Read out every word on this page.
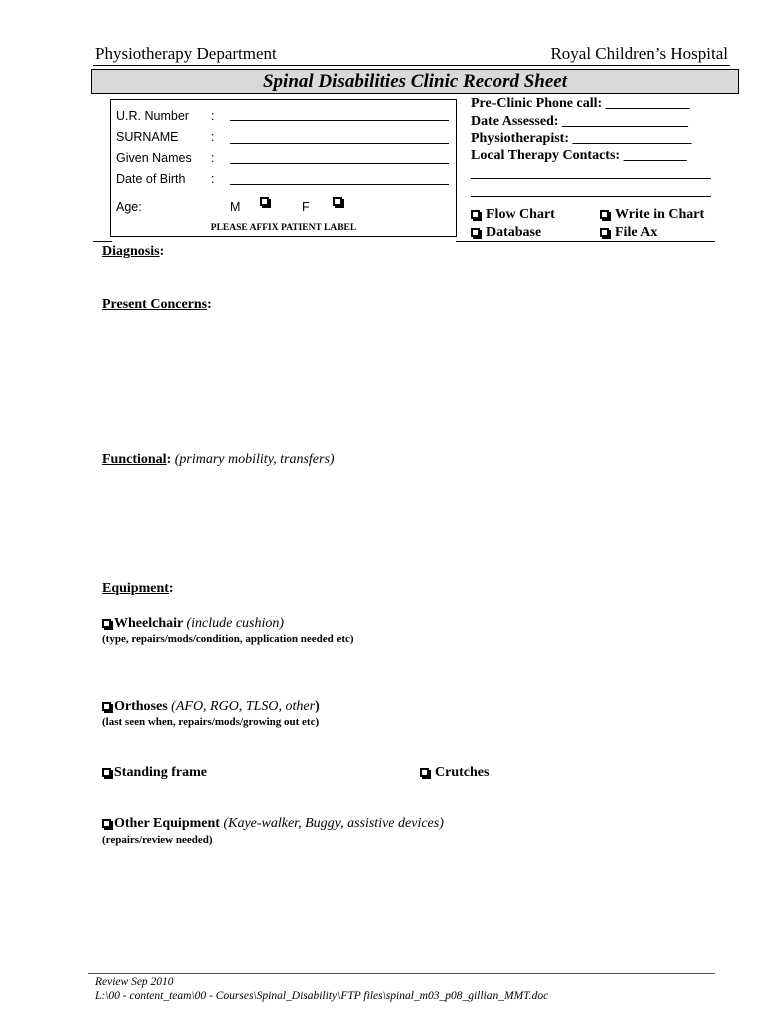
Physiotherapy Department	Royal Children’s Hospital
Spinal Disabilities Clinic Record Sheet
U.R. Number :
SURNAME	:
Given Names :
Date of Birth :
Age:	M	F
PLEASE AFFIX PATIENT LABEL
Pre-Clinic Phone call: ____________
Date Assessed: __________________
Physiotherapist: _________________
Local Therapy Contacts: _________
Flow Chart	Write in Chart
Database	File Ax
Diagnosis:
Present Concerns:
Functional: (primary mobility, transfers)
Equipment:
Wheelchair (include cushion)
(type, repairs/mods/condition, application needed etc)
Orthoses (AFO, RGO, TLSO, other)
(last seen when, repairs/mods/growing out etc)
Standing frame	Crutches
Other Equipment (Kaye-walker, Buggy, assistive devices)
(repairs/review needed)
Review Sep 2010
L:\00 - content_team\00 - Courses\Spinal_Disability\FTP files\spinal_m03_p08_gillian_MMT.doc
